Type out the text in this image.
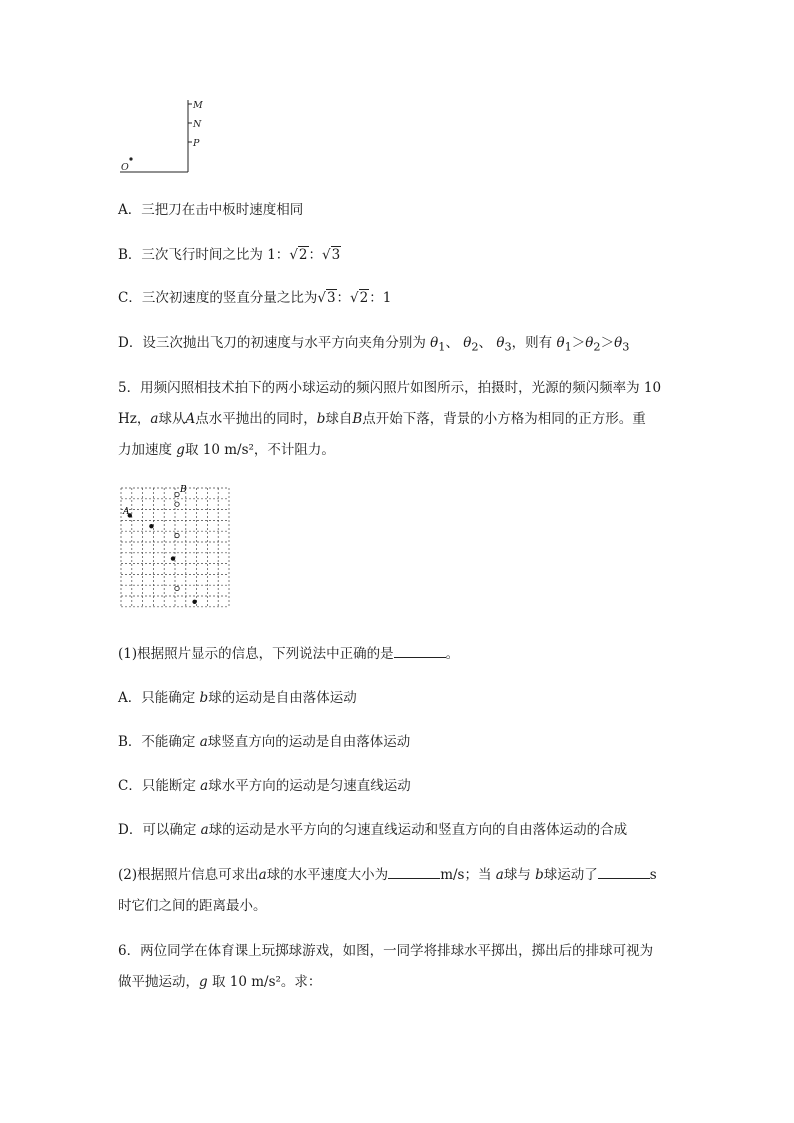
M
N
P
O
A．三把刀在击中板时速度相同
B．三次飞行时间之比为 1：√2：√3
C．三次初速度的竖直分量之比为√3：√2：1
D．设三次抛出飞刀的初速度与水平方向夹角分别为 $\theta_1$、 $\theta_2$、 $\theta_3$，则有 $\theta_1>\theta_2>\theta_3$
5．用频闪照相技术拍下的两小球运动的频闪照片如图所示，拍摄时，光源的频闪频率为 10
Hz，a球从A点水平抛出的同时，b球自B点开始下落，背景的小方格为相同的正方形。重
力加速度 g取 10 m/s²，不计阻力。
A
B
(1)根据照片显示的信息，下列说法中正确的是	。
A．只能确定 b球的运动是自由落体运动
B．不能确定 a球竖直方向的运动是自由落体运动
C．只能断定 a球水平方向的运动是匀速直线运动
D．可以确定 a球的运动是水平方向的匀速直线运动和竖直方向的自由落体运动的合成
(2)根据照片信息可求出a球的水平速度大小为	m/s；当 a球与 b球运动了	s
时它们之间的距离最小。
6．两位同学在体育课上玩掷球游戏，如图，一同学将排球水平掷出，掷出后的排球可视为
做平抛运动，g 取 10 m/s²。求：
